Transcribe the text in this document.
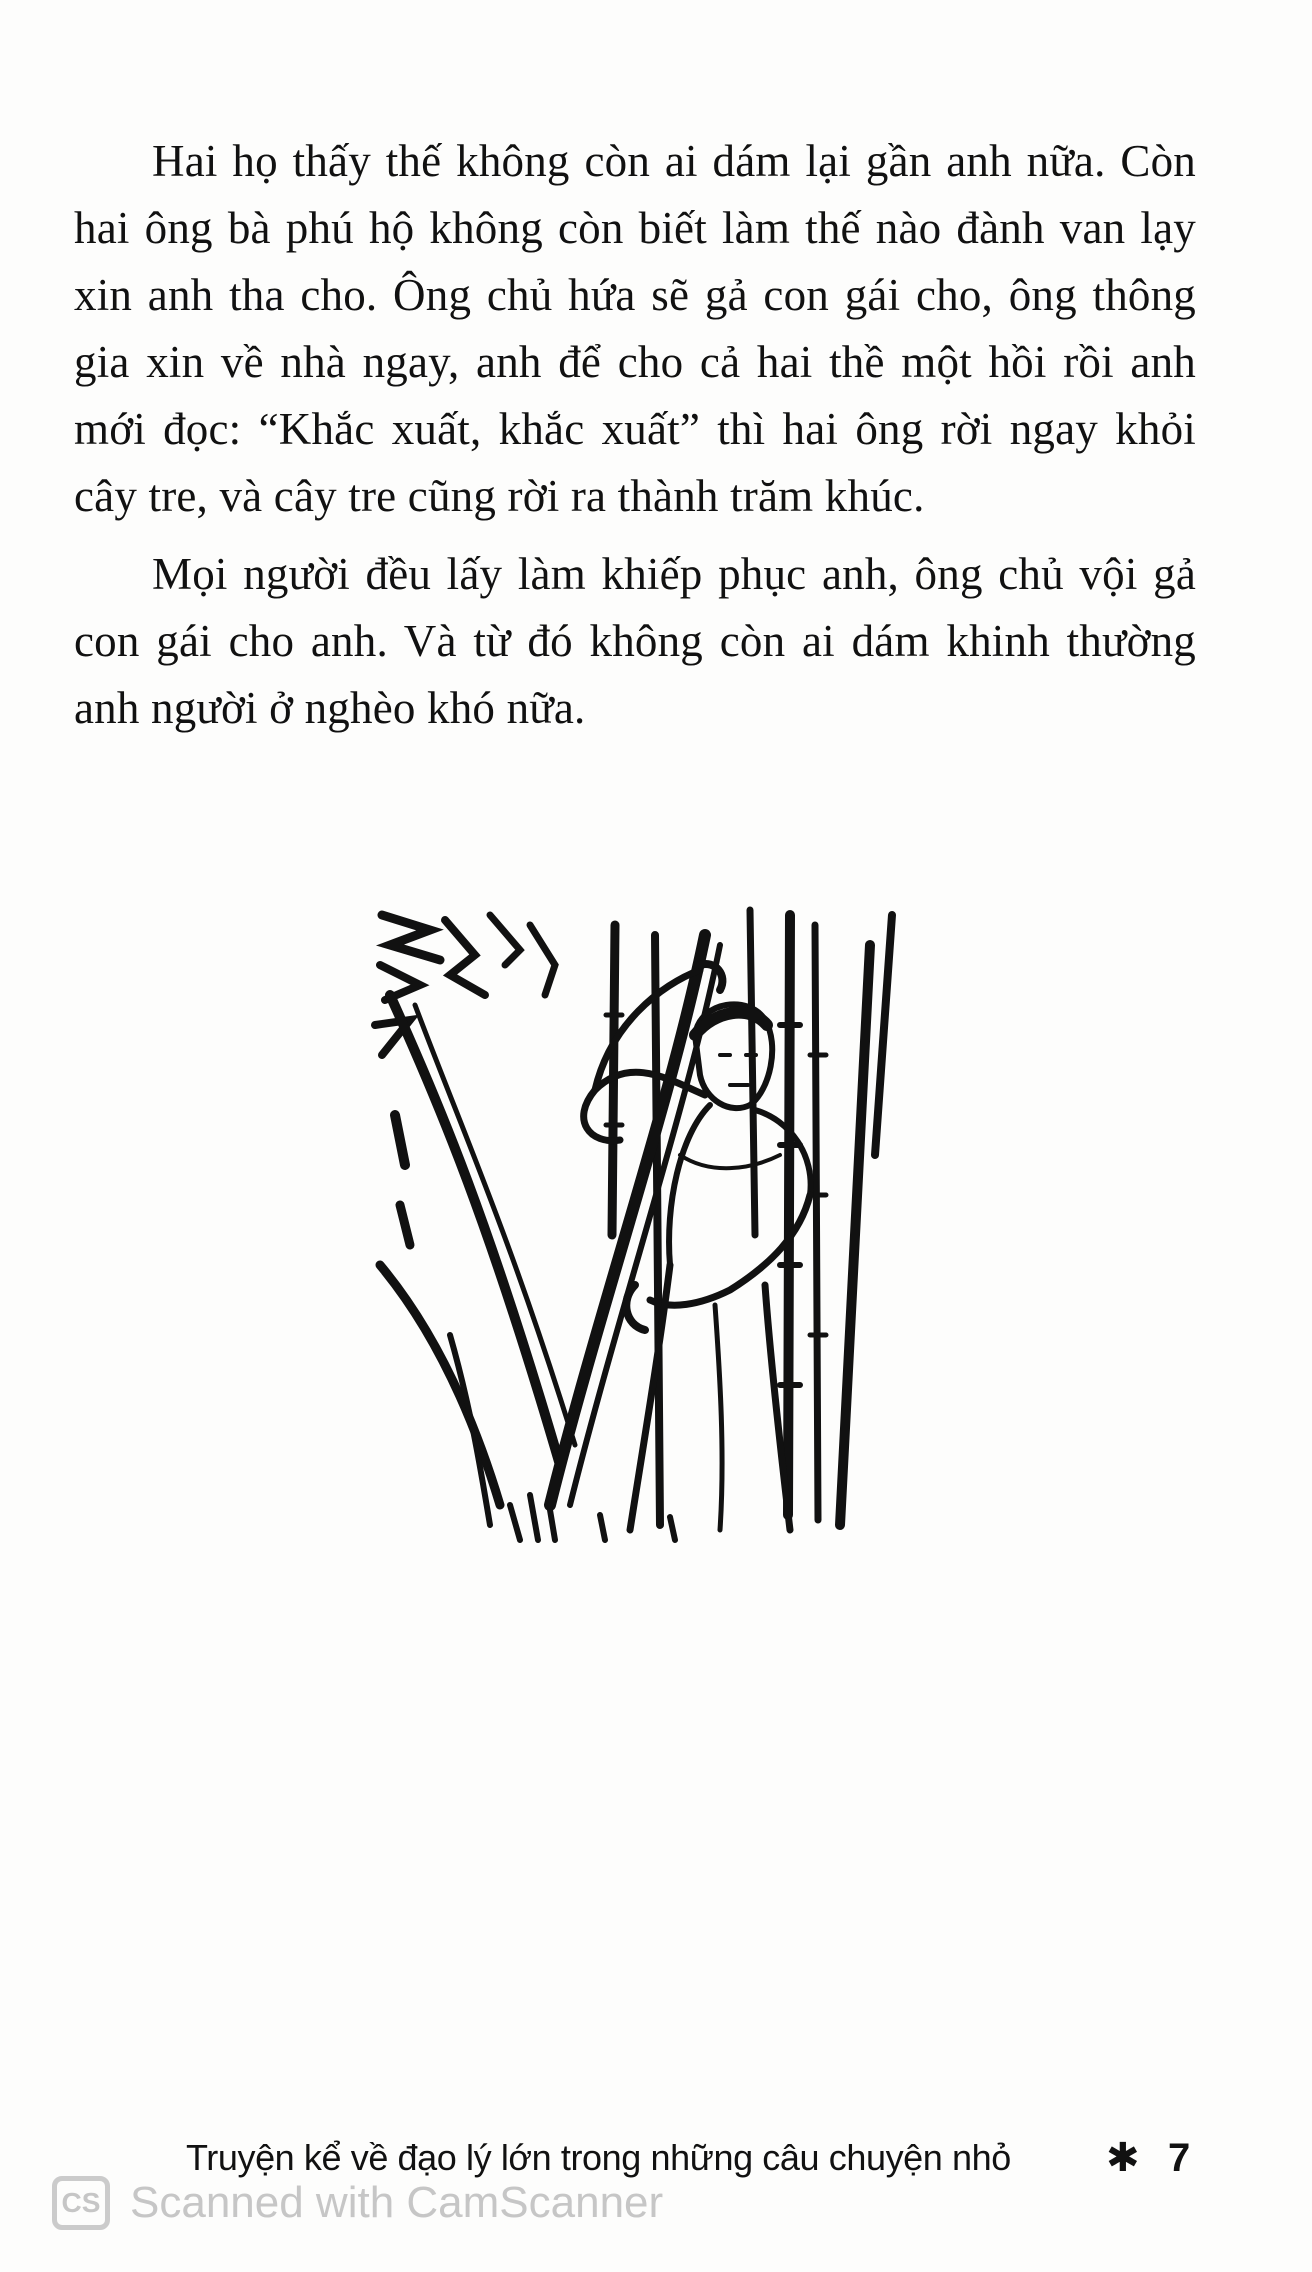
Hai họ thấy thế không còn ai dám lại gần anh nữa. Còn hai ông bà phú hộ không còn biết làm thế nào đành van lạy xin anh tha cho. Ông chủ hứa sẽ gả con gái cho, ông thông gia xin về nhà ngay, anh để cho cả hai thề một hồi rồi anh mới đọc: “Khắc xuất, khắc xuất” thì hai ông rời ngay khỏi cây tre, và cây tre cũng rời ra thành trăm khúc.

Mọi người đều lấy làm khiếp phục anh, ông chủ vội gả con gái cho anh. Và từ đó không còn ai dám khinh thường anh người ở nghèo khó nữa.

Truyện kể về đạo lý lớn trong những câu chuyện nhỏ ✱ 7
CS Scanned with CamScanner
